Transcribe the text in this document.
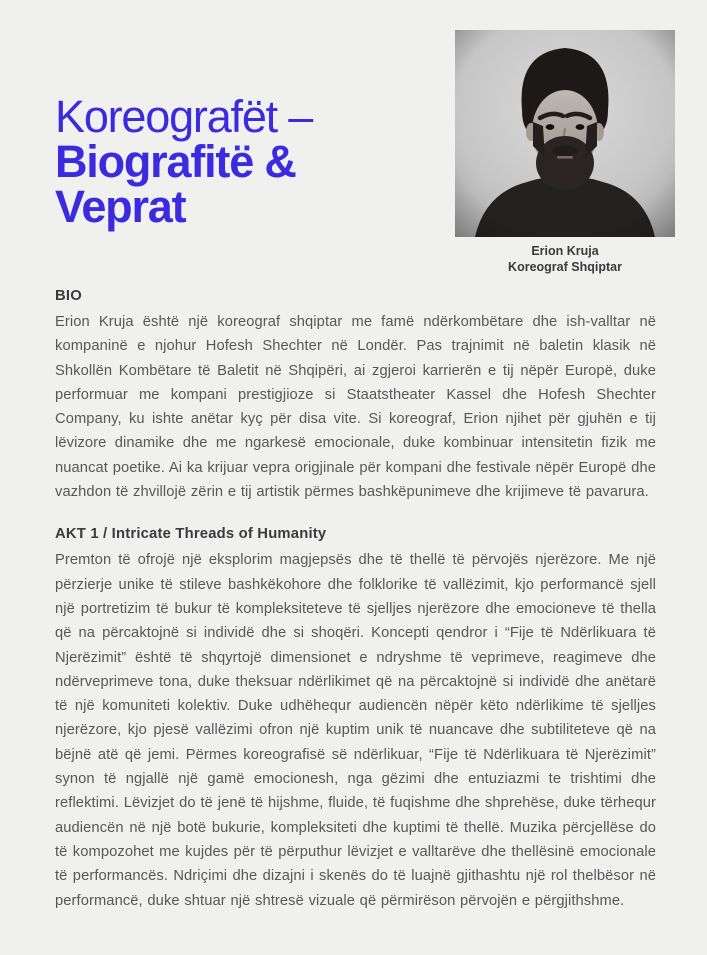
Koreografët –
Biografitë &
Veprat
Erion Kruja
Koreograf Shqiptar
BIO

Erion Kruja është një koreograf shqiptar me famë ndërkombëtare dhe ish-valltar në kompaninë e njohur Hofesh Shechter në Londër. Pas trajnimit në baletin klasik në Shkollën Kombëtare të Baletit në Shqipëri, ai zgjeroi karrierën e tij nëpër Europë, duke performuar me kompani prestigjioze si Staatstheater Kassel dhe Hofesh Shechter Company, ku ishte anëtar kyç për disa vite. Si koreograf, Erion njihet për gjuhën e tij lëvizore dinamike dhe me ngarkesë emocionale, duke kombinuar intensitetin fizik me nuancat poetike. Ai ka krijuar vepra origjinale për kompani dhe festivale nëpër Europë dhe vazhdon të zhvillojë zërin e tij artistik përmes bashkëpunimeve dhe krijimeve të pavarura.

AKT 1 / Intricate Threads of Humanity

Premton të ofrojë një eksplorim magjepsës dhe të thellë të përvojës njerëzore. Me një përzierje unike të stileve bashkëkohore dhe folklorike të vallëzimit, kjo performancë sjell një portretizim të bukur të kompleksiteteve të sjelljes njerëzore dhe emocioneve të thella që na përcaktojnë si individë dhe si shoqëri. Koncepti qendror i “Fije të Ndërlikuara të Njerëzimit” është të shqyrtojë dimensionet e ndryshme të veprimeve, reagimeve dhe ndërveprimeve tona, duke theksuar ndërlikimet që na përcaktojnë si individë dhe anëtarë të një komuniteti kolektiv. Duke udhëhequr audiencën nëpër këto ndërlikime të sjelljes njerëzore, kjo pjesë vallëzimi ofron një kuptim unik të nuancave dhe subtiliteteve që na bëjnë atë që jemi. Përmes koreografisë së ndërlikuar, “Fije të Ndërlikuara të Njerëzimit” synon të ngjallë një gamë emocionesh, nga gëzimi dhe entuziazmi te trishtimi dhe reflektimi. Lëvizjet do të jenë të hijshme, fluide, të fuqishme dhe shprehëse, duke tërhequr audiencën në një botë bukurie, kompleksiteti dhe kuptimi të thellë. Muzika përcjellëse do të kompozohet me kujdes për të përputhur lëvizjet e valltarëve dhe thellësinë emocionale të performancës. Ndriçimi dhe dizajni i skenës do të luajnë gjithashtu një rol thelbësor në performancë, duke shtuar një shtresë vizuale që përmirëson përvojën e përgjithshme.
